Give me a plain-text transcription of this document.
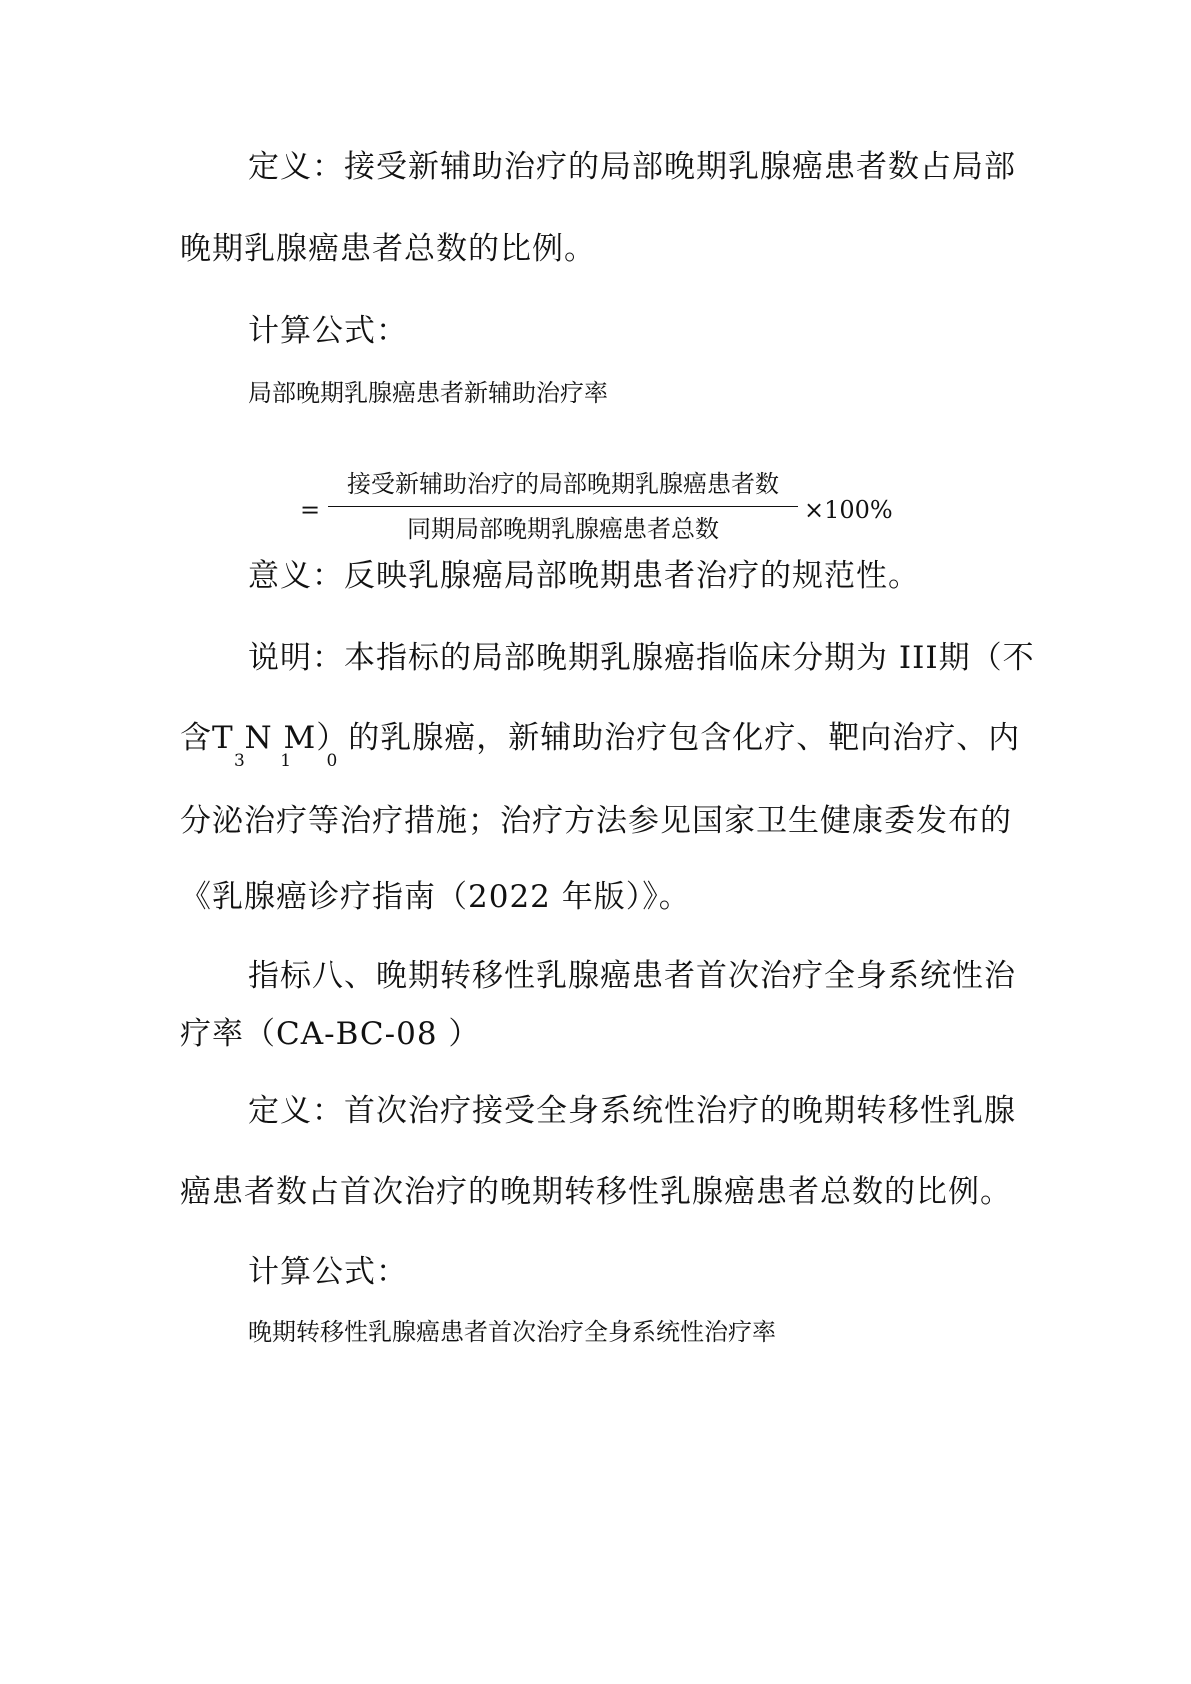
定义：接受新辅助治疗的局部晚期乳腺癌患者数占局部
晚期乳腺癌患者总数的比例。
计算公式：
局部晚期乳腺癌患者新辅助治疗率
=
接受新辅助治疗的局部晚期乳腺癌患者数
同期局部晚期乳腺癌患者总数
×100%
意义：反映乳腺癌局部晚期患者治疗的规范性。
说明：本指标的局部晚期乳腺癌指临床分期为 III期（不
含T N M
3 1 0
）的乳腺癌，新辅助治疗包含化疗、靶向治疗、内
分泌治疗等治疗措施；治疗方法参见国家卫生健康委发布的
《乳腺癌诊疗指南（2022 年版）》。
指标八、晚期转移性乳腺癌患者首次治疗全身系统性治
疗率（CA-BC-08 ）
定义：首次治疗接受全身系统性治疗的晚期转移性乳腺
癌患者数占首次治疗的晚期转移性乳腺癌患者总数的比例。
计算公式：
晚期转移性乳腺癌患者首次治疗全身系统性治疗率
